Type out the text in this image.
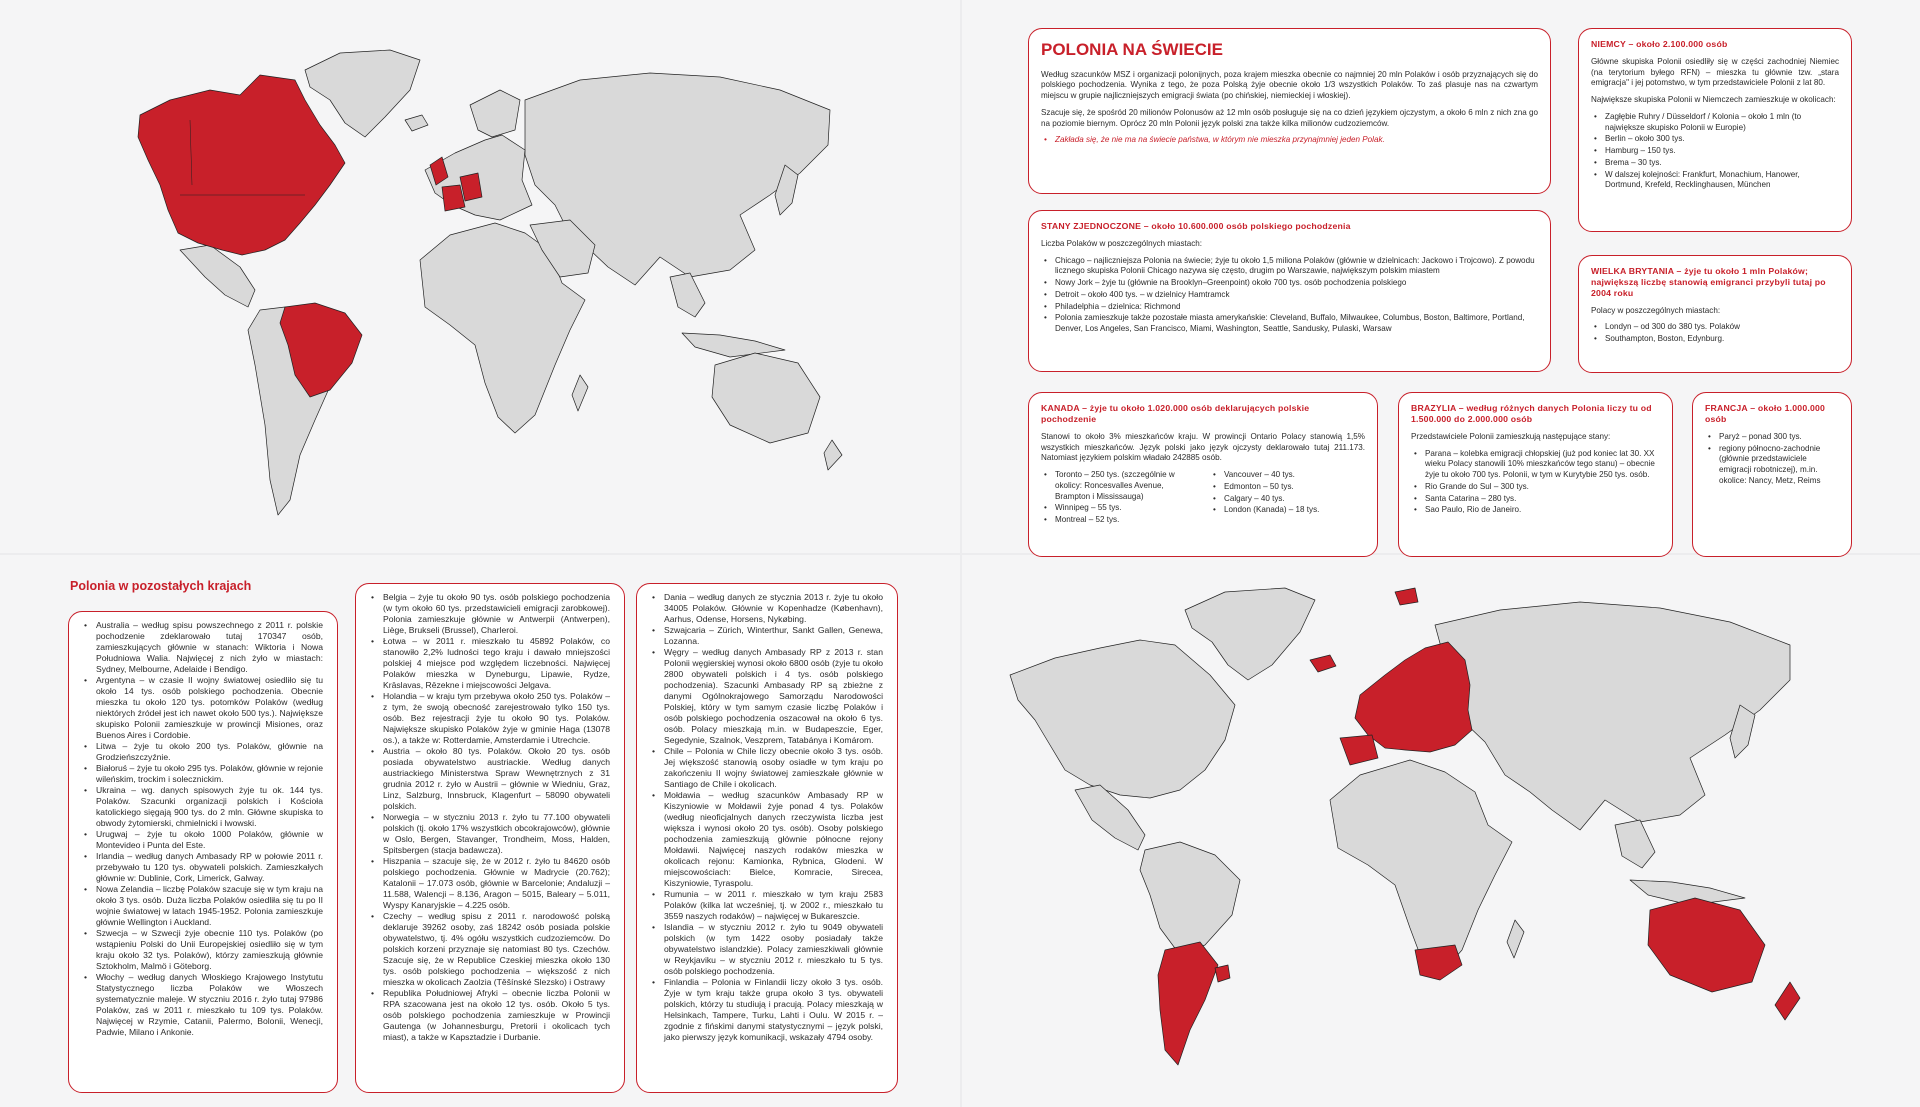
POLONIA NA ŚWIECIE

Według szacunków MSZ i organizacji polonijnych, poza krajem mieszka obecnie co najmniej 20 mln Polaków i osób przyznających się do polskiego pochodzenia. Wynika z tego, że poza Polską żyje obecnie około 1/3 wszystkich Polaków. To zaś plasuje nas na czwartym miejscu w grupie najliczniejszych emigracji świata (po chińskiej, niemieckiej i włoskiej).

Szacuje się, że spośród 20 milionów Polonusów aż 12 mln osób posługuje się na co dzień językiem ojczystym, a około 6 mln z nich zna go na poziomie biernym. Oprócz 20 mln Polonii język polski zna także kilka milionów cudzoziemców.

• Zakłada się, że nie ma na świecie państwa, w którym nie mieszka przynajmniej jeden Polak.
NIEMCY – około 2.100.000 osób

Główne skupiska Polonii osiedliły się w części zachodniej Niemiec (na terytorium byłego RFN) – mieszka tu głównie tzw. „stara emigracja" i jej potomstwo, w tym przedstawiciele Polonii z lat 80.

Największe skupiska Polonii w Niemczech zamieszkuje w okolicach:

• Zagłębie Ruhry / Düsseldorf / Kolonia – około 1 mln (to największe skupisko Polonii w Europie)
• Berlin – około 300 tys.
• Hamburg – 150 tys.
• Brema – 30 tys.
• W dalszej kolejności: Frankfurt, Monachium, Hanower, Dortmund, Krefeld, Recklinghausen, München
STANY ZJEDNOCZONE – około 10.600.000 osób polskiego pochodzenia

Liczba Polaków w poszczególnych miastach:

• Chicago – najliczniejsza Polonia na świecie; żyje tu około 1,5 miliona Polaków (głównie w dzielnicach: Jackowo i Trojcowo). Z powodu licznego skupiska Polonii Chicago nazywa się często, drugim po Warszawie, największym polskim miastem
• Nowy Jork – żyje tu (głównie na Brooklyn–Greenpoint) około 700 tys. osób pochodzenia polskiego
• Detroit – około 400 tys. – w dzielnicy Hamtramck
• Philadelphia – dzielnica: Richmond
• Polonia zamieszkuje także pozostałe miasta amerykańskie: Cleveland, Buffalo, Milwaukee, Columbus, Boston, Baltimore, Portland, Denver, Los Angeles, San Francisco, Miami, Washington, Seattle, Sandusky, Pulaski, Warsaw
WIELKA BRYTANIA – żyje tu około 1 mln Polaków; największą liczbę stanowią emigranci przybyli tutaj po 2004 roku

Polacy w poszczególnych miastach:

• Londyn – od 300 do 380 tys. Polaków
• Southampton, Boston, Edynburg.
KANADA – żyje tu około 1.020.000 osób deklarujących polskie pochodzenie

Stanowi to około 3% mieszkańców kraju. W prowincji Ontario Polacy stanowią 1,5% wszystkich mieszkańców. Język polski jako język ojczysty deklarowało tutaj 211.173. Natomiast językiem polskim władało 242885 osób.

• Toronto – 250 tys. (szczególnie w okolicy: Roncesvalles Avenue, Brampton i Mississauga)
• Winnipeg – 55 tys.
• Montreal – 52 tys.
• Vancouver – 40 tys.
• Edmonton – 50 tys.
• Calgary – 40 tys.
• London (Kanada) – 18 tys.
BRAZYLIA – według różnych danych Polonia liczy tu od 1.500.000 do 2.000.000 osób

Przedstawiciele Polonii zamieszkują następujące stany:

• Parana – kolebka emigracji chłopskiej (już pod koniec lat 30. XX wieku Polacy stanowili 10% mieszkańców tego stanu) – obecnie żyje tu około 700 tys. Polonii, w tym w Kurytybie 250 tys. osób.
• Rio Grande do Sul – 300 tys.
• Santa Catarina – 280 tys.
• Sao Paulo, Rio de Janeiro.
FRANCJA – około 1.000.000 osób
• Paryż – ponad 300 tys.
• regiony północno-zachodnie (głównie przedstawiciele emigracji robotniczej), m.in. okolice: Nancy, Metz, Reims
Polonia w pozostałych krajach
• Australia – według spisu powszechnego z 2011 r. polskie pochodzenie zdeklarowało tutaj 170347 osób, zamieszkujących głównie w stanach: Wiktoria i Nowa Południowa Walia. Najwięcej z nich żyło w miastach: Sydney, Melbourne, Adelaide i Bendigo.
• Argentyna – w czasie II wojny światowej osiedliło się tu około 14 tys. osób polskiego pochodzenia. Obecnie mieszka tu około 120 tys. potomków Polaków (według niektórych źródeł jest ich nawet około 500 tys.). Największe skupisko Polonii zamieszkuje w prowincji Misiones, oraz Buenos Aires i Cordobie.
• Litwa – żyje tu około 200 tys. Polaków, głównie na Grodzieńszczyźnie.
• Białoruś – żyje tu około 295 tys. Polaków, głównie w rejonie wileńskim, trockim i solecznickim.
• Ukraina – wg. danych spisowych żyje tu ok. 144 tys. Polaków. Szacunki organizacji polskich i Kościoła katolickiego sięgają 900 tys. do 2 mln. Główne skupiska to obwody żytomierski, chmielnicki i lwowski.
• Urugwaj – żyje tu około 1000 Polaków, głównie w Montevideo i Punta del Este.
• Irlandia – według danych Ambasady RP w połowie 2011 r. przebywało tu 120 tys. obywateli polskich. Zamieszkałych głównie w: Dublinie, Cork, Limerick, Galway.
• Nowa Zelandia – liczbę Polaków szacuje się w tym kraju na około 3 tys. osób. Duża liczba Polaków osiedliła się tu po II wojnie światowej w latach 1945-1952. Polonia zamieszkuje głównie Wellington i Auckland.
• Szwecja – w Szwecji żyje obecnie 110 tys. Polaków (po wstąpieniu Polski do Unii Europejskiej osiedliło się w tym kraju około 32 tys. Polaków), którzy zamieszkują głównie Sztokholm, Malmö i Göteborg.
• Włochy – według danych Włoskiego Krajowego Instytutu Statystycznego liczba Polaków we Włoszech systematycznie maleje. W styczniu 2016 r. żyło tutaj 97986 Polaków, zaś w 2011 r. mieszkało tu 109 tys. Polaków. Najwięcej w Rzymie, Catanii, Palermo, Bolonii, Wenecji, Padwie, Milano i Ankonie.
• Belgia – żyje tu około 90 tys. osób polskiego pochodzenia (w tym około 60 tys. przedstawicieli emigracji zarobkowej). Polonia zamieszkuje głównie w Antwerpii (Antwerpen), Liège, Brukseli (Brussel), Charleroi.
• Łotwa – w 2011 r. mieszkało tu 45892 Polaków, co stanowiło 2,2% ludności tego kraju i dawało mniejszości polskiej 4 miejsce pod względem liczebności. Najwięcej Polaków mieszka w Dyneburgu, Lipawie, Rydze, Krāslavas, Rēzekne i miejscowości Jelgava.
• Holandia – w kraju tym przebywa około 250 tys. Polaków – z tym, że swoją obecność zarejestrowało tylko 150 tys. osób. Bez rejestracji żyje tu około 90 tys. Polaków. Największe skupisko Polaków żyje w gminie Haga (13078 os.), a także w: Rotterdamie, Amsterdamie i Utrechcie.
• Austria – około 80 tys. Polaków. Około 20 tys. osób posiada obywatelstwo austriackie. Według danych austriackiego Ministerstwa Spraw Wewnętrznych z 31 grudnia 2012 r. żyło w Austrii – głównie w Wiedniu, Graz, Linz, Salzburg, Innsbruck, Klagenfurt – 58090 obywateli polskich.
• Norwegia – w styczniu 2013 r. żyło tu 77.100 obywateli polskich (tj. około 17% wszystkich obcokrajowców), głównie w Oslo, Bergen, Stavanger, Trondheim, Moss, Halden, Spitsbergen (stacja badawcza).
• Hiszpania – szacuje się, że w 2012 r. żyło tu 84620 osób polskiego pochodzenia. Głównie w Madrycie (20.762); Katalonii – 17.073 osób, głównie w Barcelonie; Andaluzji – 11.588, Walencji – 8.136, Aragon – 5015, Baleary – 5.011, Wyspy Kanaryjskie – 4.225 osób.
• Czechy – według spisu z 2011 r. narodowość polską deklaruje 39262 osoby, zaś 18242 osób posiada polskie obywatelstwo, tj. 4% ogółu wszystkich cudzoziemców. Do polskich korzeni przyznaje się natomiast 80 tys. Czechów. Szacuje się, że w Republice Czeskiej mieszka około 130 tys. osób polskiego pochodzenia – większość z nich mieszka w okolicach Zaolzia (Těšínské Slezsko) i Ostrawy
• Republika Południowej Afryki – obecnie liczba Polonii w RPA szacowana jest na około 12 tys. osób. Około 5 tys. osób polskiego pochodzenia zamieszkuje w Prowincji Gautenga (w Johannesburgu, Pretorii i okolicach tych miast), a także w Kapsztadzie i Durbanie.
• Dania – według danych ze stycznia 2013 r. żyje tu około 34005 Polaków. Głównie w Kopenhadze (København), Aarhus, Odense, Horsens, Nykøbing.
• Szwajcaria – Zürich, Winterthur, Sankt Gallen, Genewa, Lozanna.
• Węgry – według danych Ambasady RP z 2013 r. stan Polonii węgierskiej wynosi około 6800 osób (żyje tu około 2800 obywateli polskich i 4 tys. osób polskiego pochodzenia). Szacunki Ambasady RP są zbieżne z danymi Ogólnokrajowego Samorządu Narodowości Polskiej, który w tym samym czasie liczbę Polaków i osób polskiego pochodzenia oszacował na około 6 tys. osób. Polacy mieszkają m.in. w Budapeszcie, Eger, Segedynie, Szalnok, Veszprem, Tatabánya i Komárom.
• Chile – Polonia w Chile liczy obecnie około 3 tys. osób. Jej większość stanowią osoby osiadłe w tym kraju po zakończeniu II wojny światowej zamieszkałe głównie w Santiago de Chile i okolicach.
• Mołdawia – według szacunków Ambasady RP w Kiszyniowie w Mołdawii żyje ponad 4 tys. Polaków (według nieoficjalnych danych rzeczywista liczba jest większa i wynosi około 20 tys. osób). Osoby polskiego pochodzenia zamieszkują głównie północne rejony Mołdawii. Najwięcej naszych rodaków mieszka w okolicach rejonu: Kamionka, Rybnica, Glodeni. W miejscowościach: Bielce, Komracie, Sirecea, Kiszyniowie, Tyraspolu.
• Rumunia – w 2011 r. mieszkało w tym kraju 2583 Polaków (kilka lat wcześniej, tj. w 2002 r., mieszkało tu 3559 naszych rodaków) – najwięcej w Bukareszcie.
• Islandia – w styczniu 2012 r. żyło tu 9049 obywateli polskich (w tym 1422 osoby posiadały także obywatelstwo islandzkie). Polacy zamieszkiwali głównie w Reykjaviku – w styczniu 2012 r. mieszkało tu 5 tys. osób polskiego pochodzenia.
• Finlandia – Polonia w Finlandii liczy około 3 tys. osób. Żyje w tym kraju także grupa około 3 tys. obywateli polskich, którzy tu studiują i pracują. Polacy mieszkają w Helsinkach, Tampere, Turku, Lahti i Oulu. W 2015 r. – zgodnie z fińskimi danymi statystycznymi – język polski, jako pierwszy język komunikacji, wskazały 4794 osoby.
